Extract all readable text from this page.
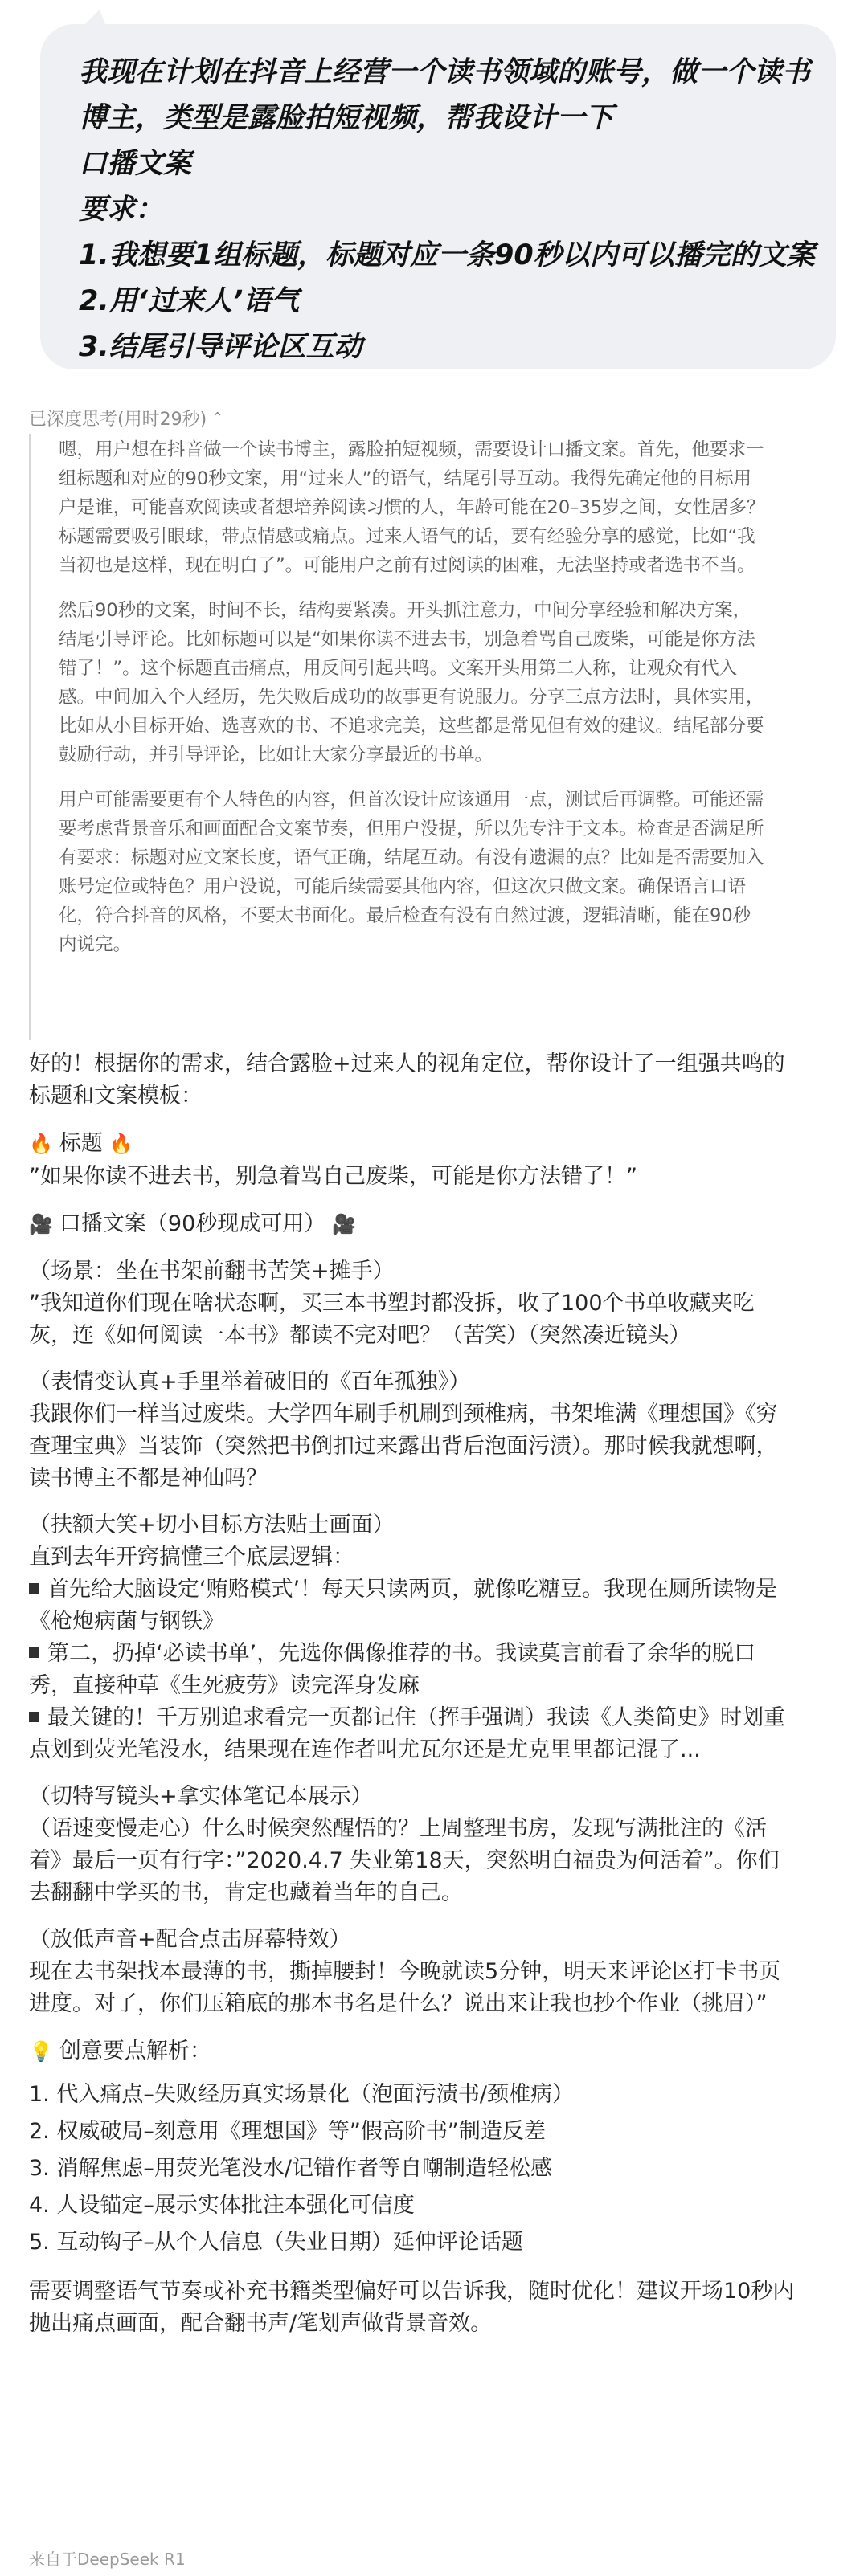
我现在计划在抖音上经营一个读书领域的账号，做一个读书
博主，类型是露脸拍短视频，帮我设计一下
口播文案
要求：
1.我想要1组标题，标题对应一条90秒以内可以播完的文案
2.用‘过来人’语气
3.结尾引导评论区互动
已深度思考(用时29秒) ⌃
嗯，用户想在抖音做一个读书博主，露脸拍短视频，需要设计口播文案。首先，他要求一
组标题和对应的90秒文案，用“过来人”的语气，结尾引导互动。我得先确定他的目标用
户是谁，可能喜欢阅读或者想培养阅读习惯的人，年龄可能在20–35岁之间，女性居多？
标题需要吸引眼球，带点情感或痛点。过来人语气的话，要有经验分享的感觉，比如“我
当初也是这样，现在明白了”。可能用户之前有过阅读的困难，无法坚持或者选书不当。
然后90秒的文案，时间不长，结构要紧凑。开头抓注意力，中间分享经验和解决方案，
结尾引导评论。比如标题可以是“如果你读不进去书，别急着骂自己废柴，可能是你方法
错了！”。这个标题直击痛点，用反问引起共鸣。文案开头用第二人称，让观众有代入
感。中间加入个人经历，先失败后成功的故事更有说服力。分享三点方法时，具体实用，
比如从小目标开始、选喜欢的书、不追求完美，这些都是常见但有效的建议。结尾部分要
鼓励行动，并引导评论，比如让大家分享最近的书单。
用户可能需要更有个人特色的内容，但首次设计应该通用一点，测试后再调整。可能还需
要考虑背景音乐和画面配合文案节奏，但用户没提，所以先专注于文本。检查是否满足所
有要求：标题对应文案长度，语气正确，结尾互动。有没有遗漏的点？比如是否需要加入
账号定位或特色？用户没说，可能后续需要其他内容，但这次只做文案。确保语言口语
化，符合抖音的风格，不要太书面化。最后检查有没有自然过渡，逻辑清晰，能在90秒
内说完。
好的！根据你的需求，结合露脸+过来人的视角定位，帮你设计了一组强共鸣的
标题和文案模板：
🔥 标题 🔥
”如果你读不进去书，别急着骂自己废柴，可能是你方法错了！”
🎥 口播文案（90秒现成可用） 🎥
（场景：坐在书架前翻书苦笑+摊手）
”我知道你们现在啥状态啊，买三本书塑封都没拆，收了100个书单收藏夹吃
灰，连《如何阅读一本书》都读不完对吧？（苦笑）（突然凑近镜头）
（表情变认真+手里举着破旧的《百年孤独》）
我跟你们一样当过废柴。大学四年刷手机刷到颈椎病，书架堆满《理想国》《穷
查理宝典》当装饰（突然把书倒扣过来露出背后泡面污渍）。那时候我就想啊，
读书博主不都是神仙吗？
（扶额大笑+切小目标方法贴士画面）
直到去年开窍搞懂三个底层逻辑：
首先给大脑设定‘贿赂模式’！每天只读两页，就像吃糖豆。我现在厕所读物是
《枪炮病菌与钢铁》
第二，扔掉‘必读书单’，先选你偶像推荐的书。我读莫言前看了余华的脱口
秀，直接种草《生死疲劳》读完浑身发麻
最关键的！千万别追求看完一页都记住（挥手强调）我读《人类简史》时划重
点划到荧光笔没水，结果现在连作者叫尤瓦尔还是尤克里里都记混了...
（切特写镜头+拿实体笔记本展示）
（语速变慢走心）什么时候突然醒悟的？上周整理书房，发现写满批注的《活
着》最后一页有行字：”2020.4.7 失业第18天，突然明白福贵为何活着”。你们
去翻翻中学买的书，肯定也藏着当年的自己。
（放低声音+配合点击屏幕特效）
现在去书架找本最薄的书，撕掉腰封！今晚就读5分钟，明天来评论区打卡书页
进度。对了，你们压箱底的那本书名是什么？说出来让我也抄个作业（挑眉）”
💡 创意要点解析：
1. 代入痛点–失败经历真实场景化（泡面污渍书/颈椎病）
2. 权威破局–刻意用《理想国》等”假高阶书”制造反差
3. 消解焦虑–用荧光笔没水/记错作者等自嘲制造轻松感
4. 人设锚定–展示实体批注本强化可信度
5. 互动钩子–从个人信息（失业日期）延伸评论话题
需要调整语气节奏或补充书籍类型偏好可以告诉我，随时优化！建议开场10秒内
抛出痛点画面，配合翻书声/笔划声做背景音效。
来自于DeepSeek R1
